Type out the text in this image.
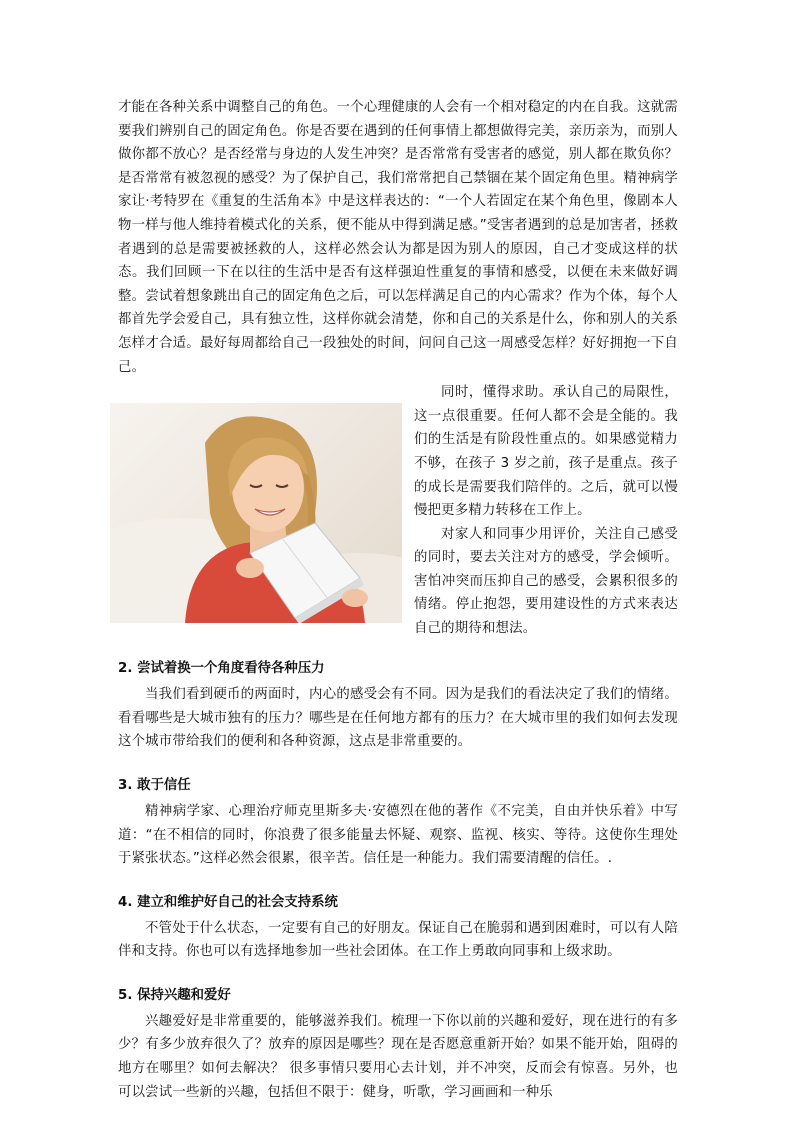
才能在各种关系中调整自己的角色。一个心理健康的人会有一个相对稳定的内在自我。这就需要我们辨别自己的固定角色。你是否要在遇到的任何事情上都想做得完美，亲历亲为，而别人做你都不放心？是否经常与身边的人发生冲突？是否常常有受害者的感觉，别人都在欺负你？是否常常有被忽视的感受？为了保护自己，我们常常把自己禁锢在某个固定角色里。精神病学家让·考特罗在《重复的生活角本》中是这样表达的：“一个人若固定在某个角色里，像剧本人物一样与他人维持着模式化的关系，便不能从中得到满足感。”受害者遇到的总是加害者，拯救者遇到的总是需要被拯救的人，这样必然会认为都是因为别人的原因，自己才变成这样的状态。我们回顾一下在以往的生活中是否有这样强迫性重复的事情和感受，以便在未来做好调整。尝试着想象跳出自己的固定角色之后，可以怎样满足自己的内心需求？作为个体，每个人都首先学会爱自己，具有独立性，这样你就会清楚，你和自己的关系是什么，你和别人的关系怎样才合适。最好每周都给自己一段独处的时间，问问自己这一周感受怎样？好好拥抱一下自己。

同时，懂得求助。承认自己的局限性，这一点很重要。任何人都不会是全能的。我们的生活是有阶段性重点的。如果感觉精力不够，在孩子 3 岁之前，孩子是重点。孩子的成长是需要我们陪伴的。之后，就可以慢慢把更多精力转移在工作上。

对家人和同事少用评价，关注自己感受的同时，要去关注对方的感受，学会倾听。害怕冲突而压抑自己的感受，会累积很多的情绪。停止抱怨，要用建设性的方式来表达自己的期待和想法。

2. 尝试着换一个角度看待各种压力

当我们看到硬币的两面时，内心的感受会有不同。因为是我们的看法决定了我们的情绪。看看哪些是大城市独有的压力？哪些是在任何地方都有的压力？在大城市里的我们如何去发现这个城市带给我们的便利和各种资源，这点是非常重要的。

3. 敢于信任

精神病学家、心理治疗师克里斯多夫·安德烈在他的著作《不完美，自由并快乐着》中写道：“在不相信的同时，你浪费了很多能量去怀疑、观察、监视、核实、等待。这使你生理处于紧张状态。”这样必然会很累，很辛苦。信任是一种能力。我们需要清醒的信任。.

4. 建立和维护好自己的社会支持系统

不管处于什么状态，一定要有自己的好朋友。保证自己在脆弱和遇到困难时，可以有人陪伴和支持。你也可以有选择地参加一些社会团体。在工作上勇敢向同事和上级求助。

5. 保持兴趣和爱好

兴趣爱好是非常重要的，能够滋养我们。梳理一下你以前的兴趣和爱好，现在进行的有多少？有多少放弃很久了？放弃的原因是哪些？现在是否愿意重新开始？如果不能开始，阻碍的地方在哪里？如何去解决？ 很多事情只要用心去计划，并不冲突，反而会有惊喜。另外，也可以尝试一些新的兴趣，包括但不限于：健身，听歌，学习画画和一种乐
